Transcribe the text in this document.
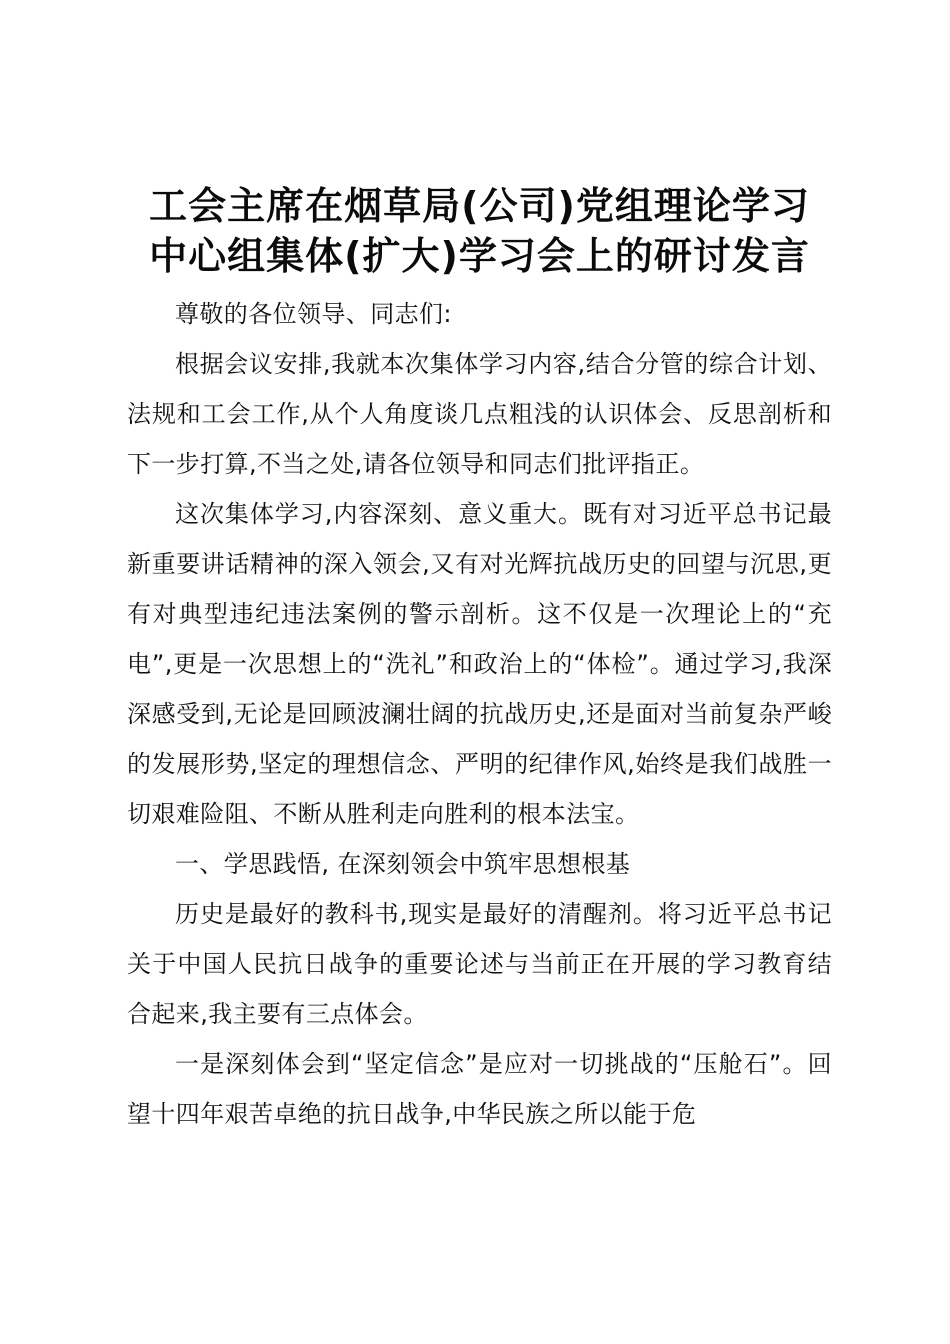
工会主席在烟草局(公司)党组理论学习
中心组集体(扩大)学习会上的研讨发言

尊敬的各位领导、同志们:

根据会议安排,我就本次集体学习内容,结合分管的综合计划、法规和工会工作,从个人角度谈几点粗浅的认识体会、反思剖析和下一步打算,不当之处,请各位领导和同志们批评指正。

这次集体学习,内容深刻、意义重大。既有对习近平总书记最新重要讲话精神的深入领会,又有对光辉抗战历史的回望与沉思,更有对典型违纪违法案例的警示剖析。这不仅是一次理论上的“充电”,更是一次思想上的“洗礼”和政治上的“体检”。通过学习,我深深感受到,无论是回顾波澜壮阔的抗战历史,还是面对当前复杂严峻的发展形势,坚定的理想信念、严明的纪律作风,始终是我们战胜一切艰难险阻、不断从胜利走向胜利的根本法宝。

一、学思践悟, 在深刻领会中筑牢思想根基

历史是最好的教科书,现实是最好的清醒剂。将习近平总书记关于中国人民抗日战争的重要论述与当前正在开展的学习教育结合起来,我主要有三点体会。

一是深刻体会到“坚定信念”是应对一切挑战的“压舱石”。回望十四年艰苦卓绝的抗日战争,中华民族之所以能于危
